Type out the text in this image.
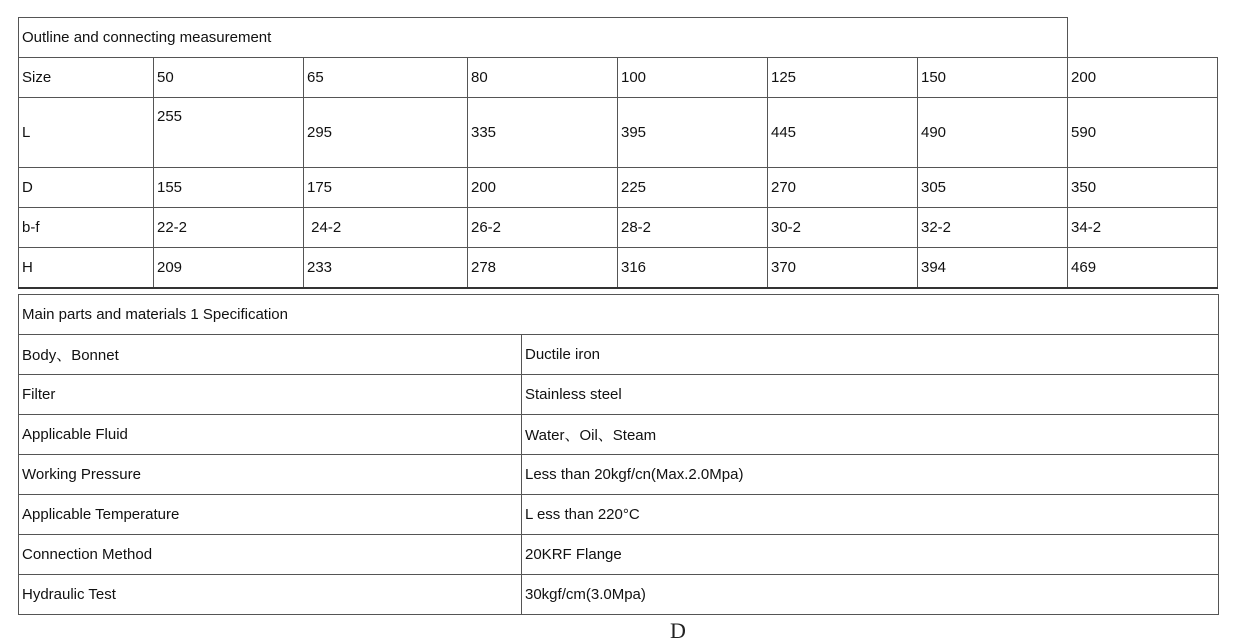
Outline and connecting measurement							
Size	50	65	80	100	125	150	200
L	255	295	335	395	445	490	590
D	155	175	200	225	270	305	350
b-f	22-2	24-2	26-2	28-2	30-2	32-2	34-2
H	209	233	278	316	370	394	469
Main parts and materials 1 Specification	
Body、Bonnet	Ductile iron
Filter	Stainless steel
Applicable Fluid	Water、Oil、Steam
Working Pressure	Less than 20kgf/cn(Max.2.0Mpa)
Applicable Temperature	L ess than 220°C
Connection Method	20KRF Flange
Hydraulic Test	30kgf/cm(3.0Mpa)
D
